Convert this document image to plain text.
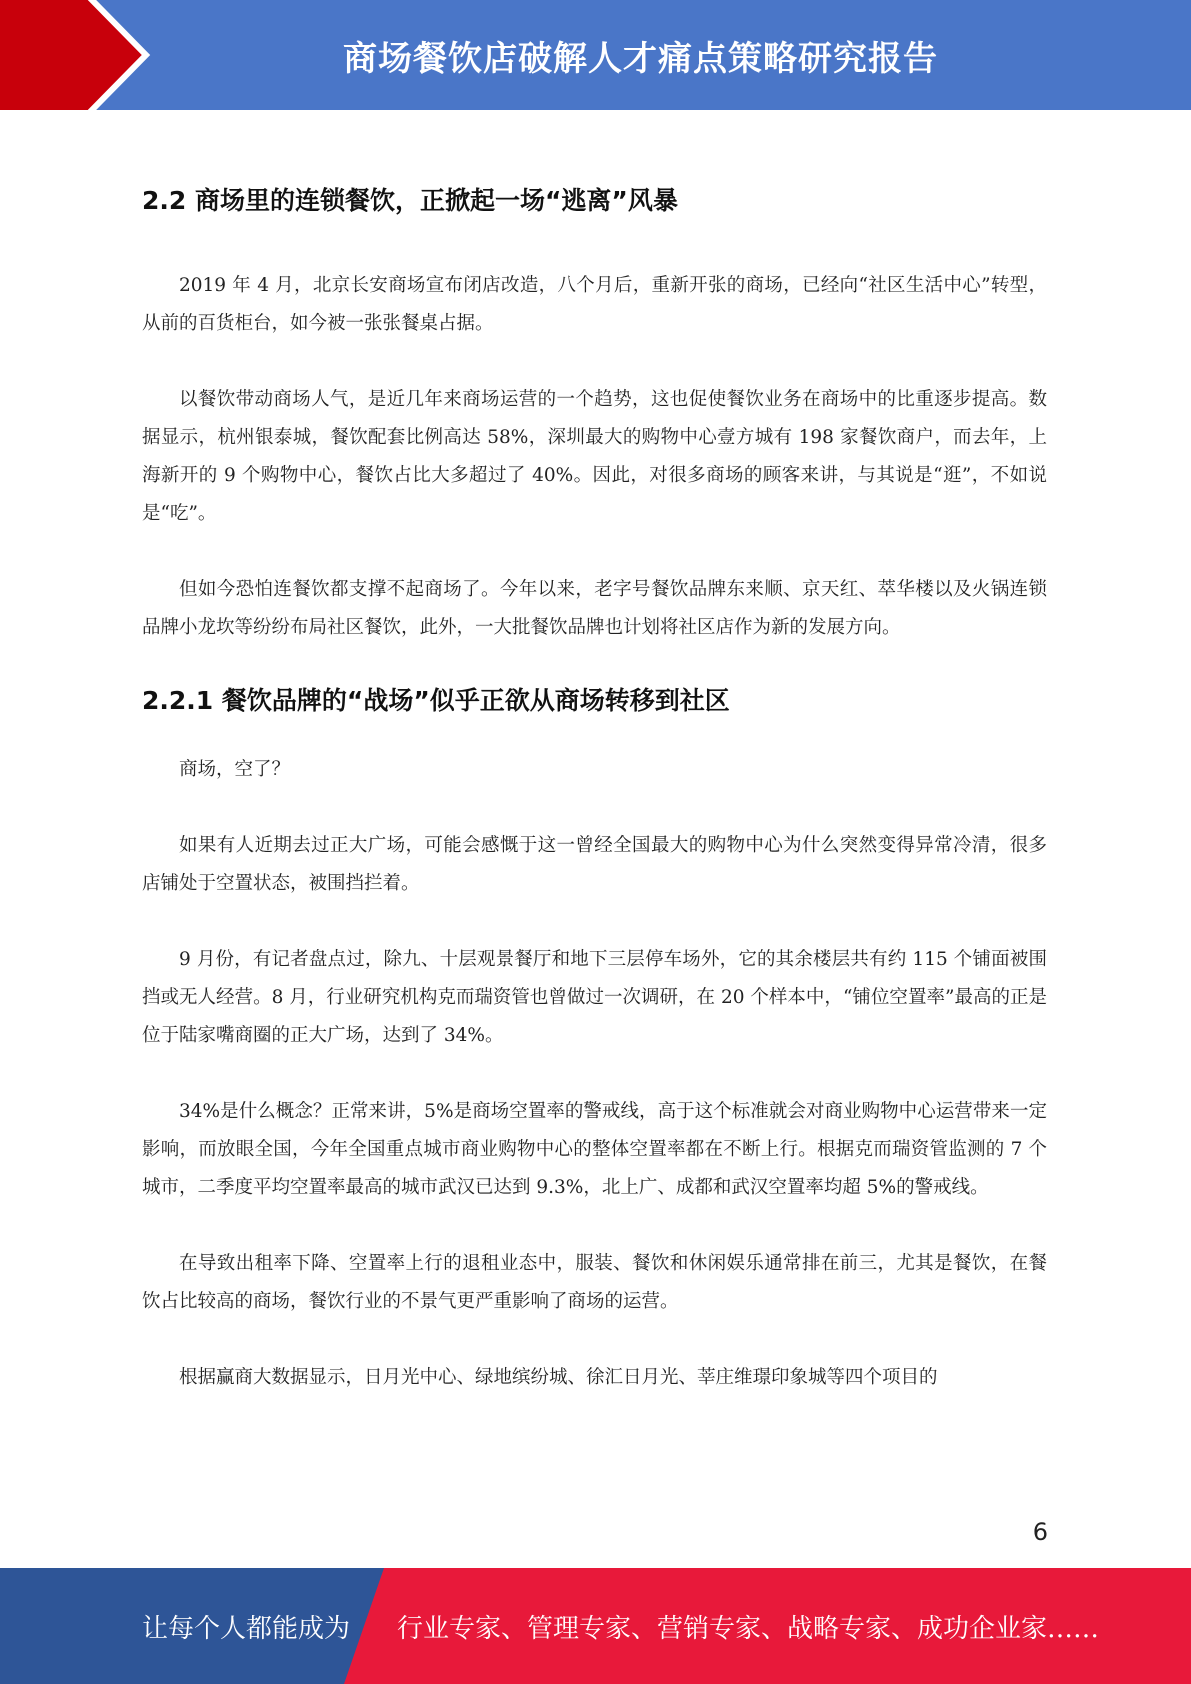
商场餐饮店破解人才痛点策略研究报告
2.2 商场里的连锁餐饮，正掀起一场“逃离”风暴

2019 年 4 月，北京长安商场宣布闭店改造，八个月后，重新开张的商场，已经向“社区生活中心”转型，从前的百货柜台，如今被一张张餐桌占据。

以餐饮带动商场人气，是近几年来商场运营的一个趋势，这也促使餐饮业务在商场中的比重逐步提高。数据显示，杭州银泰城，餐饮配套比例高达 58%，深圳最大的购物中心壹方城有 198 家餐饮商户，而去年，上海新开的 9 个购物中心，餐饮占比大多超过了 40%。因此，对很多商场的顾客来讲，与其说是“逛”，不如说是“吃”。

但如今恐怕连餐饮都支撑不起商场了。今年以来，老字号餐饮品牌东来顺、京天红、萃华楼以及火锅连锁品牌小龙坎等纷纷布局社区餐饮，此外，一大批餐饮品牌也计划将社区店作为新的发展方向。

2.2.1 餐饮品牌的“战场”似乎正欲从商场转移到社区

商场，空了？

如果有人近期去过正大广场，可能会感慨于这一曾经全国最大的购物中心为什么突然变得异常冷清，很多店铺处于空置状态，被围挡拦着。

9 月份，有记者盘点过，除九、十层观景餐厅和地下三层停车场外，它的其余楼层共有约 115 个铺面被围挡或无人经营。8 月，行业研究机构克而瑞资管也曾做过一次调研，在 20 个样本中，“铺位空置率”最高的正是位于陆家嘴商圈的正大广场，达到了 34%。

34%是什么概念？正常来讲，5%是商场空置率的警戒线，高于这个标准就会对商业购物中心运营带来一定影响，而放眼全国，今年全国重点城市商业购物中心的整体空置率都在不断上行。根据克而瑞资管监测的 7 个城市，二季度平均空置率最高的城市武汉已达到 9.3%，北上广、成都和武汉空置率均超 5%的警戒线。

在导致出租率下降、空置率上行的退租业态中，服装、餐饮和休闲娱乐通常排在前三，尤其是餐饮，在餐饮占比较高的商场，餐饮行业的不景气更严重影响了商场的运营。

根据赢商大数据显示，日月光中心、绿地缤纷城、徐汇日月光、莘庄维璟印象城等四个项目的

6
让每个人都能成为 行业专家、管理专家、营销专家、战略专家、成功企业家……
